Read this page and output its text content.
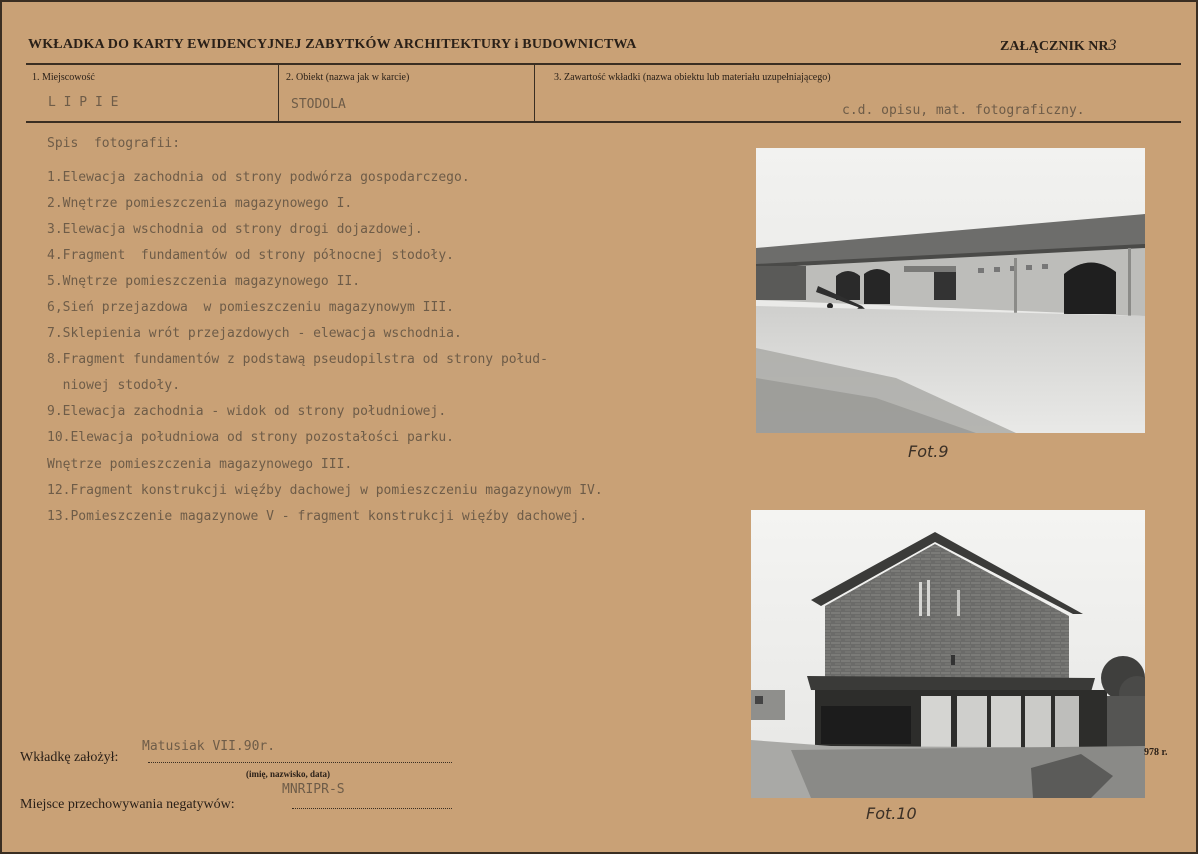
WKŁADKA DO KARTY EWIDENCYJNEJ ZABYTKÓW ARCHITEKTURY i BUDOWNICTWA	ZAŁĄCZNIK NR3
1. Miejscowość
L I P I E
2. Obiekt (nazwa jak w karcie)
STODOLA
3. Zawartość wkładki (nazwa obiektu lub materiału uzupełniającego)
c.d. opisu, mat. fotograficzny.
Spis  fotografii:
1.Elewacja zachodnia od strony podwórza gospodarczego.
2.Wnętrze pomieszczenia magazynowego I.
3.Elewacja wschodnia od strony drogi dojazdowej.
4.Fragment  fundamentów od strony północnej stodoły.
5.Wnętrze pomieszczenia magazynowego II.
6,Sień przejazdowa  w pomieszczeniu magazynowym III.
7.Sklepienia wrót przejazdowych - elewacja wschodnia.
8.Fragment fundamentów z podstawą pseudopilstra od strony połud-
niowej stodoły.
9.Elewacja zachodnia - widok od strony południowej.
10.Elewacja południowa od strony pozostałości parku.
Wnętrze pomieszczenia magazynowego III.
12.Fragment konstrukcji więźby dachowej w pomieszczeniu magazynowym IV.
13.Pomieszczenie magazynowe V - fragment konstrukcji więźby dachowej.
Fot.9
Fot.10
Wkładkę założył:
Matusiak VII.90r.
(imię, nazwisko, data)
Miejsce przechowywania negatywów:
MNRIPR-S
978 r.
